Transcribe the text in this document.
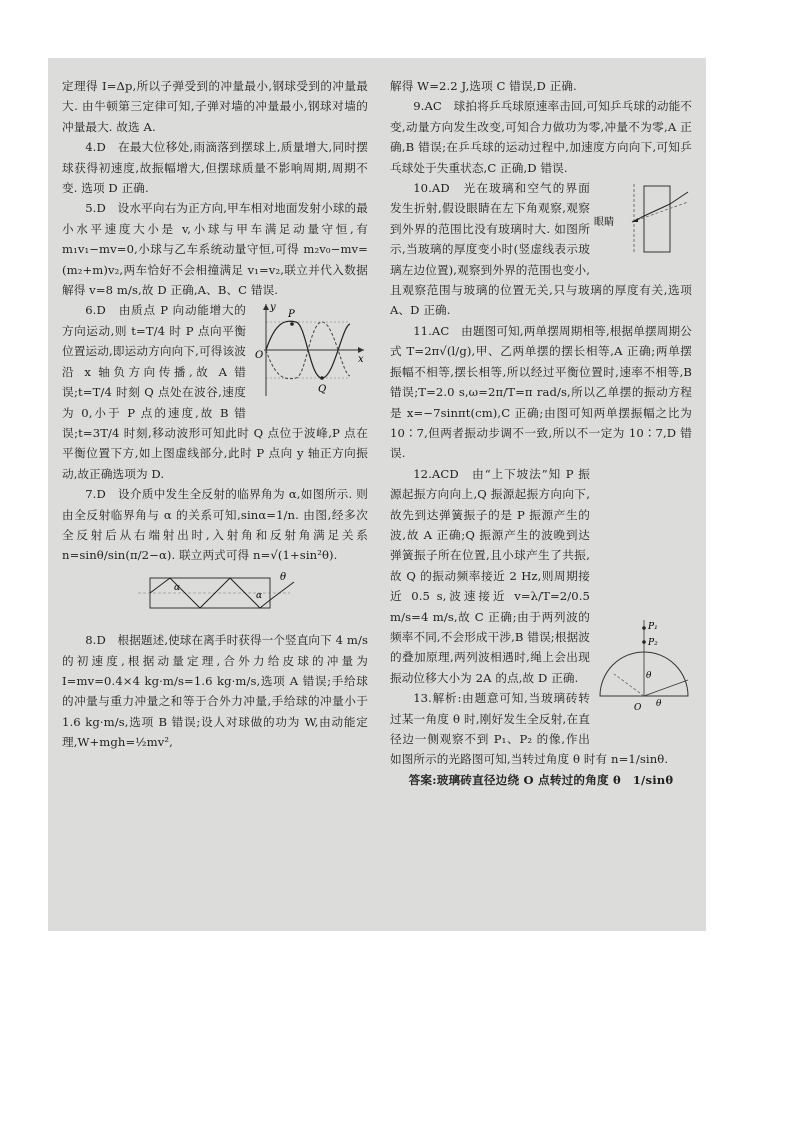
定理得 I=Δp,所以子弹受到的冲量最小,钢球受到的冲量最大. 由牛顿第三定律可知,子弹对墙的冲量最小,钢球对墙的冲量最大. 故选 A.

4.D　在最大位移处,雨滴落到摆球上,质量增大,同时摆球获得初速度,故振幅增大,但摆球质量不影响周期,周期不变. 选项 D 正确.

5.D　设水平向右为正方向,甲车相对地面发射小球的最小水平速度大小是 v,小球与甲车满足动量守恒,有 m₁v₁−mv=0,小球与乙车系统动量守恒,可得 m₂v₀−mv=(m₂+m)v₂,两车恰好不会相撞满足 v₁=v₂,联立并代入数据解得 v=8 m/s,故 D 正确,A、B、C 错误.

y
P
O	x
Q

6.D　由质点 P 向动能增大的方向运动,则 t=T/4 时 P 点向平衡位置运动,即运动方向向下,可得该波沿 x 轴负方向传播,故 A 错误;t=T/4 时刻 Q 点处在波谷,速度为 0,小于 P 点的速度,故 B 错误;t=3T/4 时刻,移动波形可知此时 Q 点位于波峰,P 点在平衡位置下方,如上图虚线部分,此时 P 点向 y 轴正方向振动,故正确选项为 D.

7.D　设介质中发生全反射的临界角为 α,如图所示. 则由全反射临界角与 α 的关系可知,sinα=1/n. 由图,经多次全反射后从右端射出时,入射角和反射角满足关系 n=sinθ/sin(π/2−α). 联立两式可得 n=√(1+sin²θ).

θ
α
α

8.D　根据题述,使球在离手时获得一个竖直向下 4 m/s 的初速度,根据动量定理,合外力给皮球的冲量为 I=mv=0.4×4 kg·m/s=1.6 kg·m/s,选项 A 错误;手给球的冲量与重力冲量之和等于合外力冲量,手给球的冲量小于 1.6 kg·m/s,选项 B 错误;设人对球做的功为 W,由动能定理,W+mgh=½mv²,

解得 W=2.2 J,选项 C 错误,D 正确.

9.AC　球拍将乒乓球原速率击回,可知乒乓球的动能不变,动量方向发生改变,可知合力做功为零,冲量不为零,A 正确,B 错误;在乒乓球的运动过程中,加速度方向向下,可知乒乓球处于失重状态,C 正确,D 错误.

眼睛

10.AD　光在玻璃和空气的界面发生折射,假设眼睛在左下角观察,观察到外界的范围比没有玻璃时大. 如图所示,当玻璃的厚度变小时(竖虚线表示玻璃左边位置),观察到外界的范围也变小,且观察范围与玻璃的位置无关,只与玻璃的厚度有关,选项 A、D 正确.

11.AC　由题图可知,两单摆周期相等,根据单摆周期公式 T=2π√(l/g),甲、乙两单摆的摆长相等,A 正确;两单摆振幅不相等,摆长相等,所以经过平衡位置时,速率不相等,B 错误;T=2.0 s,ω=2π/T=π rad/s,所以乙单摆的振动方程是 x=−7sinπt(cm),C 正确;由图可知两单摆振幅之比为 10∶7,但两者振动步调不一致,所以不一定为 10∶7,D 错误.

P₁
P₂
θ
O θ

12.ACD　由“上下坡法”知 P 振源起振方向向上,Q 振源起振方向向下,故先到达弹簧振子的是 P 振源产生的波,故 A 正确;Q 振源产生的波晚到达弹簧振子所在位置,且小球产生了共振,故 Q 的振动频率接近 2 Hz,则周期接近 0.5 s,波速接近 v=λ/T=2/0.5 m/s=4 m/s,故 C 正确;由于两列波的频率不同,不会形成干涉,B 错误;根据波的叠加原理,两列波相遇时,绳上会出现振动位移大小为 2A 的点,故 D 正确.

13.解析:由题意可知,当玻璃砖转过某一角度 θ 时,刚好发生全反射,在直径边一侧观察不到 P₁、P₂ 的像,作出如图所示的光路图可知,当转过角度 θ 时有 n=1/sinθ.

答案:玻璃砖直径边绕 O 点转过的角度 θ　1/sinθ
